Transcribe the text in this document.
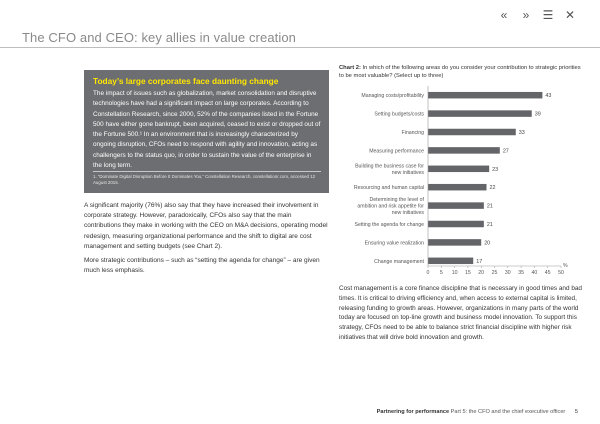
« » ☰ ✕
The CFO and CEO: key allies in value creation
Today’s large corporates face daunting change

The impact of issues such as globalization, market consolidation and disruptive technologies have had a significant impact on large corporates. According to Constellation Research, since 2000, 52% of the companies listed in the Fortune 500 have either gone bankrupt, been acquired, ceased to exist or dropped out of the Fortune 500.¹ In an environment that is increasingly characterized by ongoing disruption, CFOs need to respond with agility and innovation, acting as challengers to the status quo, in order to sustain the value of the enterprise in the long term.

1. “Dominate Digital Disruption Before It Dominates You,” Constellation Research, constellationr.com, accessed 12 August 2015.

A significant majority (76%) also say that they have increased their involvement in corporate strategy. However, paradoxically, CFOs also say that the main contributions they make in working with the CEO on M&A decisions, operating model redesign, measuring organizational performance and the shift to digital are cost management and setting budgets (see Chart 2).

More strategic contributions – such as “setting the agenda for change” – are given much less emphasis.

Chart 2: In which of the following areas do you consider your contribution to strategic priorities to be most valuable? (Select up to three)

Managing costs/profitability	43
Setting budgets/costs	39
Financing	33
Measuring performance	27
Building the business case for new initiatives
23
Resourcing and human capital	22
Determining the level of ambition and risk appetite for new initiatives
21
Setting the agenda for change	21
Ensuring value realization	20
Change management	17
0 5 10 15 20 25 30 35 40 45 50
%

Cost management is a core finance discipline that is necessary in good times and bad times. It is critical to driving efficiency and, when access to external capital is limited, releasing funding to growth areas. However, organizations in many parts of the world today are focused on top-line growth and business model innovation. To support this strategy, CFOs need to be able to balance strict financial discipline with higher risk initiatives that will drive bold innovation and growth.

Partnering for performance Part 5: the CFO and the chief executive officer 5
